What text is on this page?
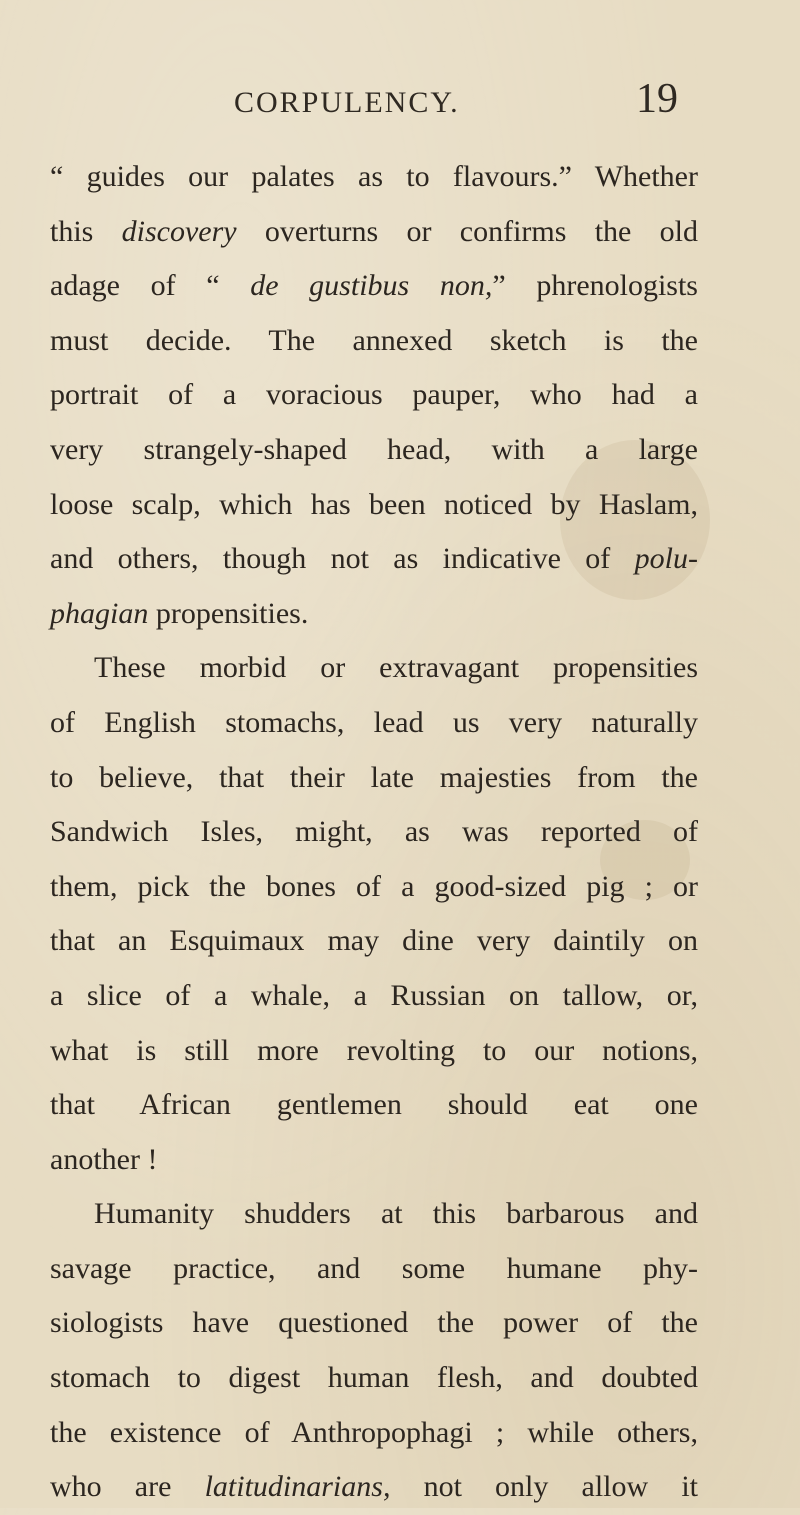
CORPULENCY.	19
“ guides our palates as to flavours.” Whether
this discovery overturns or confirms the old
adage of “ de gustibus non,” phrenologists
must decide. The annexed sketch is the
portrait of a voracious pauper, who had a
very strangely-shaped head, with a large
loose scalp, which has been noticed by Haslam,
and others, though not as indicative of polu-
phagian propensities.
These morbid or extravagant propensities
of English stomachs, lead us very naturally
to believe, that their late majesties from the
Sandwich Isles, might, as was reported of
them, pick the bones of a good-sized pig ; or
that an Esquimaux may dine very daintily on
a slice of a whale, a Russian on tallow, or,
what is still more revolting to our notions,
that African gentlemen should eat one
another !
Humanity shudders at this barbarous and
savage practice, and some humane phy-
siologists have questioned the power of the
stomach to digest human flesh, and doubted
the existence of Anthropophagi ; while others,
who are latitudinarians, not only allow it
